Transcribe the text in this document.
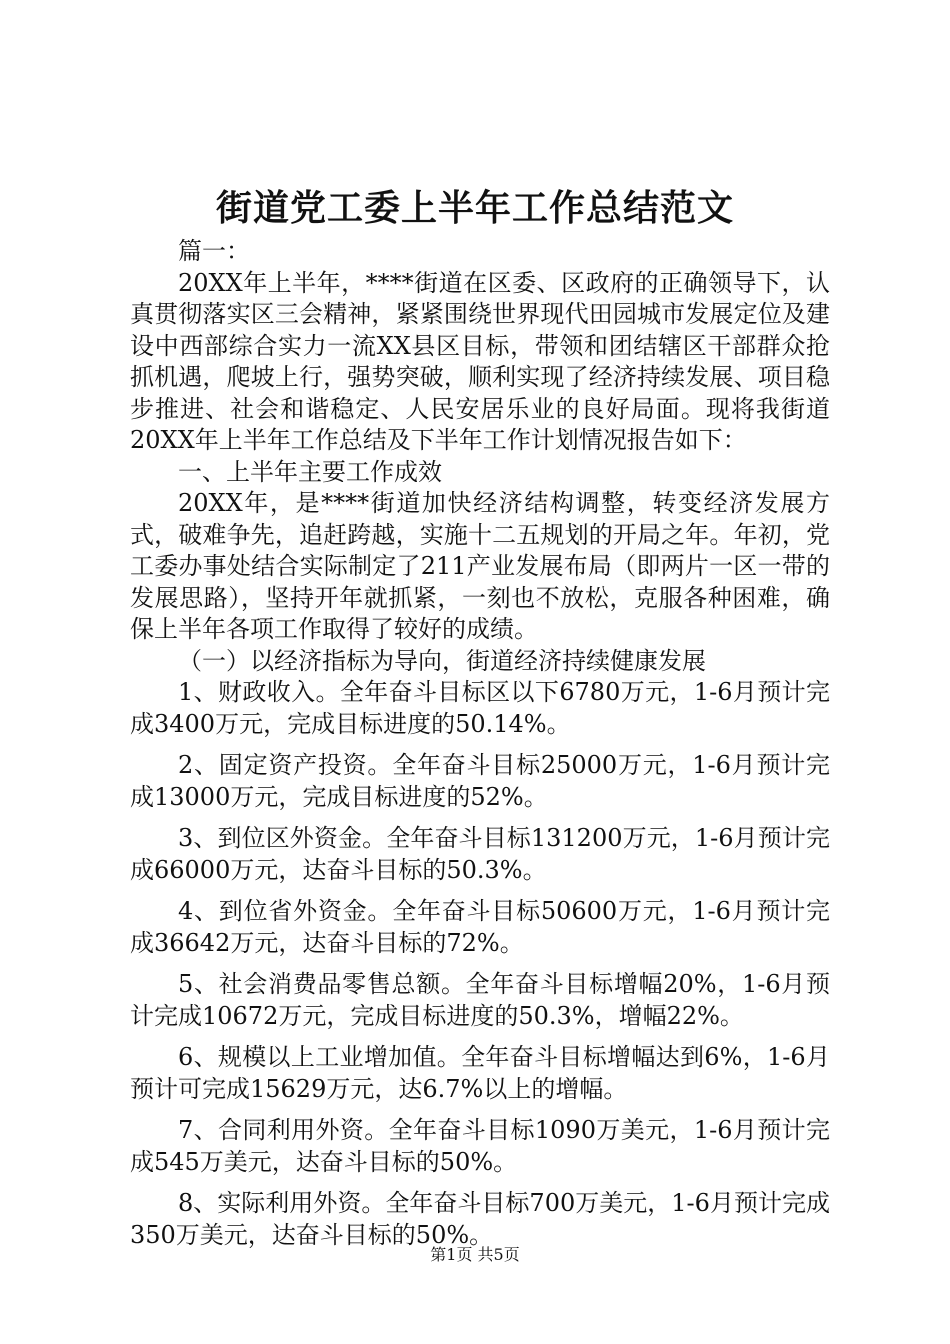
街道党工委上半年工作总结范文

篇一：

20XX年上半年，****街道在区委、区政府的正确领导下，认真贯彻落实区三会精神，紧紧围绕世界现代田园城市发展定位及建设中西部综合实力一流XX县区目标，带领和团结辖区干部群众抢抓机遇，爬坡上行，强势突破，顺利实现了经济持续发展、项目稳步推进、社会和谐稳定、人民安居乐业的良好局面。现将我街道20XX年上半年工作总结及下半年工作计划情况报告如下：

一、上半年主要工作成效

20XX年，是****街道加快经济结构调整，转变经济发展方式，破难争先，追赶跨越，实施十二五规划的开局之年。年初，党工委办事处结合实际制定了211产业发展布局（即两片一区一带的发展思路），坚持开年就抓紧，一刻也不放松，克服各种困难，确保上半年各项工作取得了较好的成绩。

（一）以经济指标为导向，街道经济持续健康发展

1、财政收入。全年奋斗目标区以下6780万元，1-6月预计完成3400万元，完成目标进度的50.14%。

2、固定资产投资。全年奋斗目标25000万元，1-6月预计完成13000万元，完成目标进度的52%。

3、到位区外资金。全年奋斗目标131200万元，1-6月预计完成66000万元，达奋斗目标的50.3%。

4、到位省外资金。全年奋斗目标50600万元，1-6月预计完成36642万元，达奋斗目标的72%。

5、社会消费品零售总额。全年奋斗目标增幅20%，1-6月预计完成10672万元，完成目标进度的50.3%，增幅22%。

6、规模以上工业增加值。全年奋斗目标增幅达到6%，1-6月预计可完成15629万元，达6.7%以上的增幅。

7、合同利用外资。全年奋斗目标1090万美元，1-6月预计完成545万美元，达奋斗目标的50%。

8、实际利用外资。全年奋斗目标700万美元，1-6月预计完成350万美元，达奋斗目标的50%。

第1页 共5页
